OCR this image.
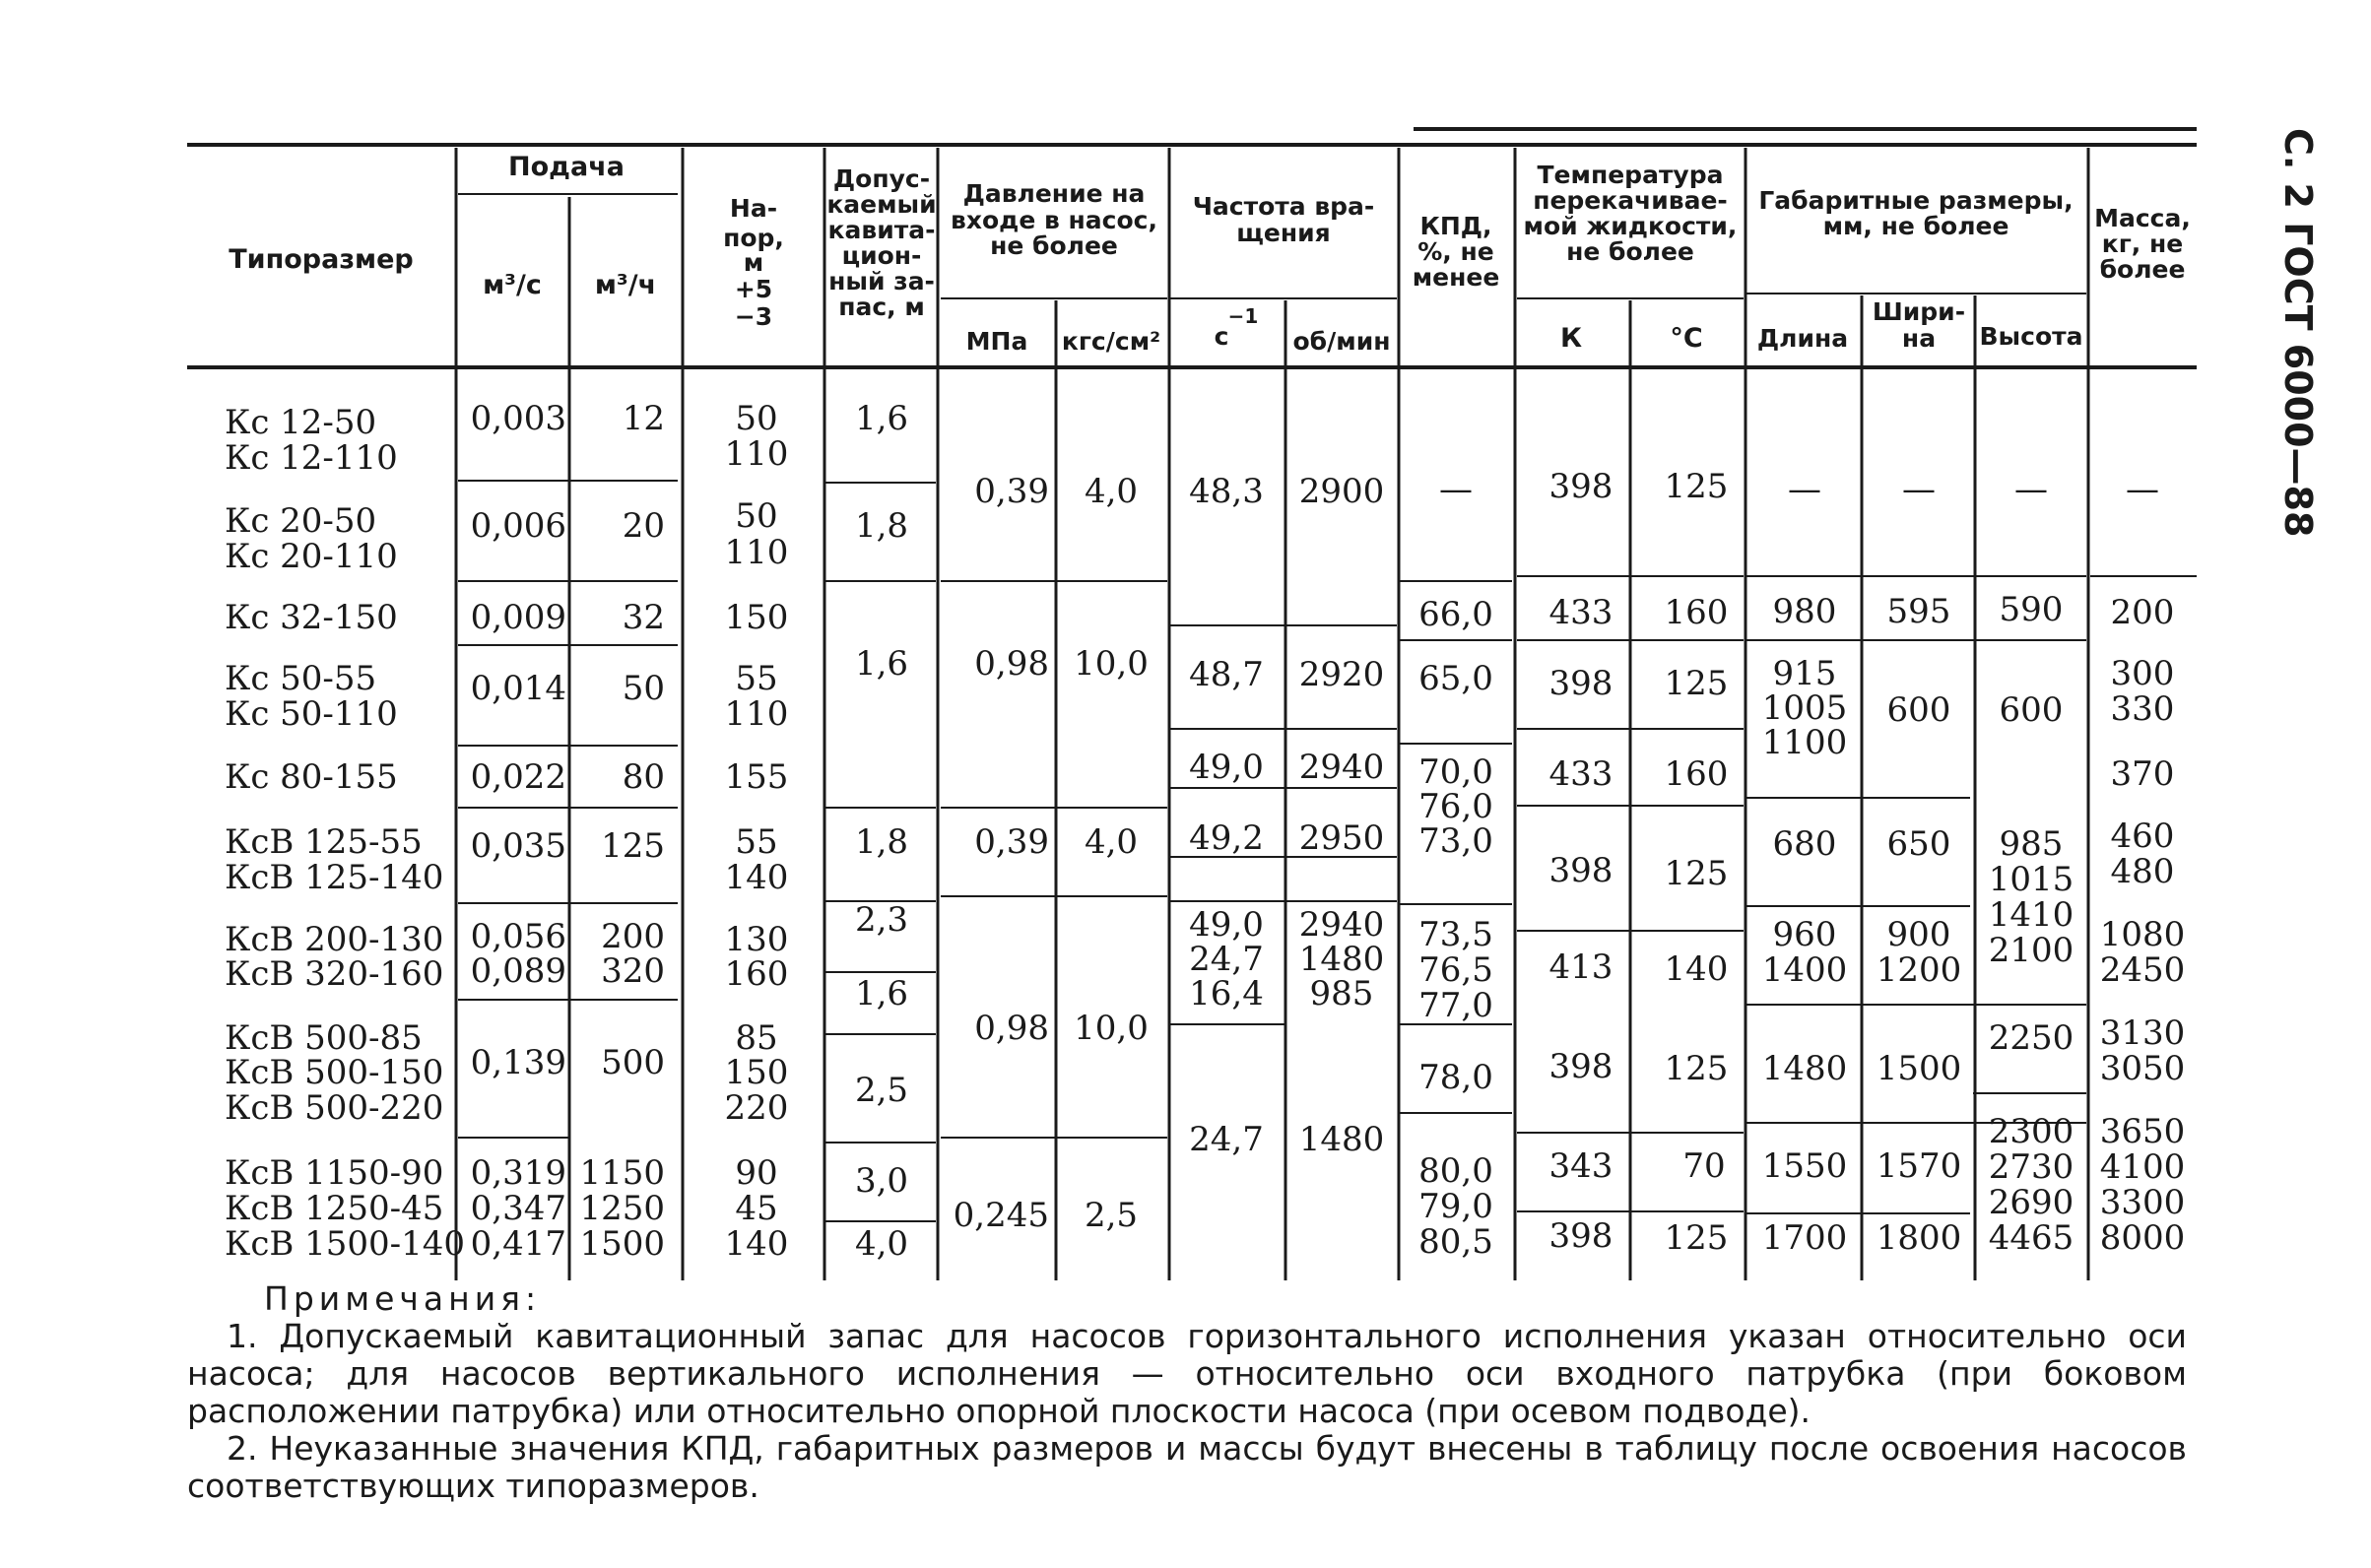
С. 2 ГОСТ 6000—88
Типоразмер
Подача
м³/с м³/ч
На-
пор,
м
+5
−3
Допус-
каемый
кавита-
цион-
ный за-
пас, м
Давление на
входе в насос,
не более
МПа кгс/см²
Частота вра-
щения
с
−1
об/мин
КПД,
%, не
менее
Температура
перекачивае-
мой жидкости,
не более
К	°С
Габаритные размеры,
мм, не более
Длина
Шири-
на Высота
Масса,
кг, не
более
Кс 12-50
Кс 12-110
Кс 20-50
Кс 20-110
Кс 32-150
Кс 50-55
Кс 50-110
Кс 80-155
КсВ 125-55
КсВ 125-140
КсВ 200-130
КсВ 320-160
КсВ 500-85
КсВ 500-150
КсВ 500-220
КсВ 1150-90
КсВ 1250-45
КсВ 1500-140
0,003
0,006
0,009
0,014
0,022
0,035
0,056
0,089
0,139
0,319
0,347
0,417
12
20
32
50
80
125
200
320
500
1150
1250
1500
50
110
50
110
150
55
110
155
55
140
130
160
85
150
220
90
45
140
1,6
1,8
1,6
1,8
2,3
1,6
2,5
3,0
4,0
0,39
0,98
0,39
0,98
0,245
4,0
10,0
4,0
10,0
2,5
48,3
48,7
49,0
49,2
49,0
24,7
16,4
24,7
2900
2920
2940
2950
2940
1480
985
1480
—
66,0
65,0
70,0
76,0
73,0
73,5
76,5
77,0
78,0
80,0
79,0
80,5
398
433
398
433
398
413
398
343
398
125
160
125
160
125
140
125
70
125
—
980
915
1005
1100
680
960
1400
1480
1550
1700
—
595
600
650
900
1200
1500
1570
1800
—
590
600
985
1015
1410
2100
2250
2300
2730
2690
4465
—
200
300
330
370
460
480
1080
2450
3130
3050
3650
4100
3300
8000

Примечания:

1. Допускаемый кавитационный запас для насосов горизонтального исполнения указан относительно оси насоса; для насосов вертикального исполнения — относительно оси входного патрубка (при боковом расположении патрубка) или относительно опорной плоскости насоса (при осевом подводе).

2. Неуказанные значения КПД, габаритных размеров и массы будут внесены в таблицу после освоения насосов соответствующих типоразмеров.
